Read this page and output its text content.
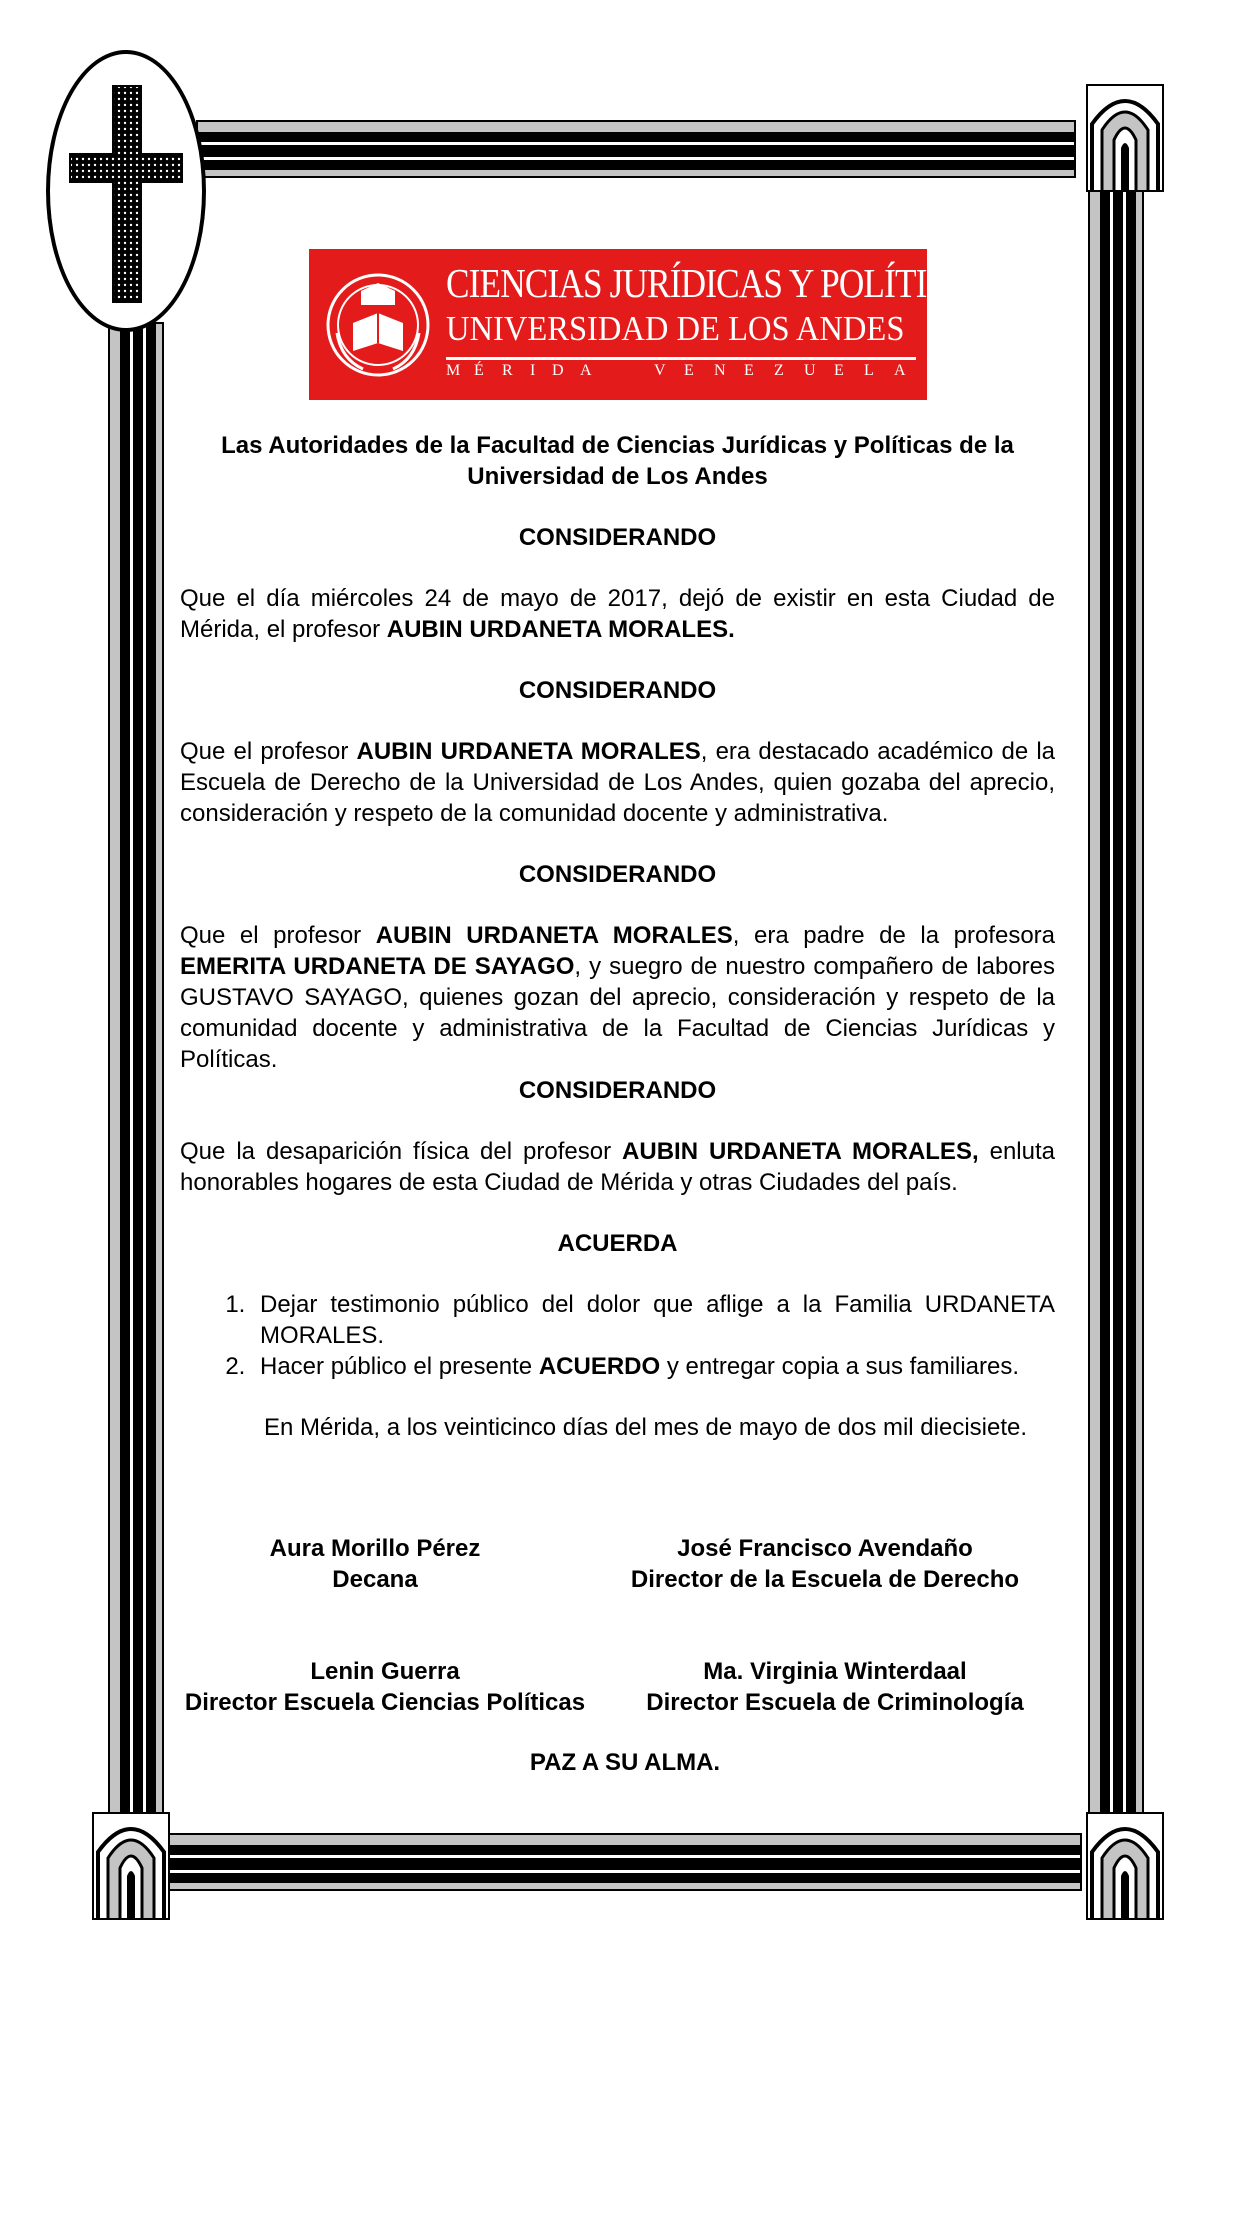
CIENCIAS JURÍDICAS Y POLÍTICAS
UNIVERSIDAD DE LOS ANDES
M É R I D A	V E N E Z U E L A
Las Autoridades de la Facultad de Ciencias Jurídicas y Políticas de la Universidad de Los Andes
CONSIDERANDO
Que el día miércoles 24 de mayo de 2017, dejó de existir en esta Ciudad de Mérida, el profesor AUBIN URDANETA MORALES.
CONSIDERANDO
Que el profesor AUBIN URDANETA MORALES, era destacado académico de la Escuela de Derecho de la Universidad de Los Andes, quien gozaba del aprecio, consideración y respeto de la comunidad docente y administrativa.
CONSIDERANDO
Que el profesor AUBIN URDANETA MORALES, era padre de la profesora EMERITA URDANETA DE SAYAGO, y suegro de nuestro compañero de labores GUSTAVO SAYAGO, quienes gozan del aprecio, consideración y respeto de la comunidad docente y administrativa de la Facultad de Ciencias Jurídicas y Políticas.
CONSIDERANDO
Que la desaparición física del profesor AUBIN URDANETA MORALES, enluta honorables hogares de esta Ciudad de Mérida y otras Ciudades del país.
ACUERDA
1. Dejar testimonio público del dolor que aflige a la Familia URDANETA MORALES.
2. Hacer público el presente ACUERDO y entregar copia a sus familiares.
En Mérida, a los veinticinco días del mes de mayo de dos mil diecisiete.
Aura Morillo Pérez
Decana
José Francisco Avendaño
Director de la Escuela de Derecho
Lenin Guerra
Director Escuela Ciencias Políticas
Ma. Virginia Winterdaal
Director Escuela de Criminología
PAZ A SU ALMA.
